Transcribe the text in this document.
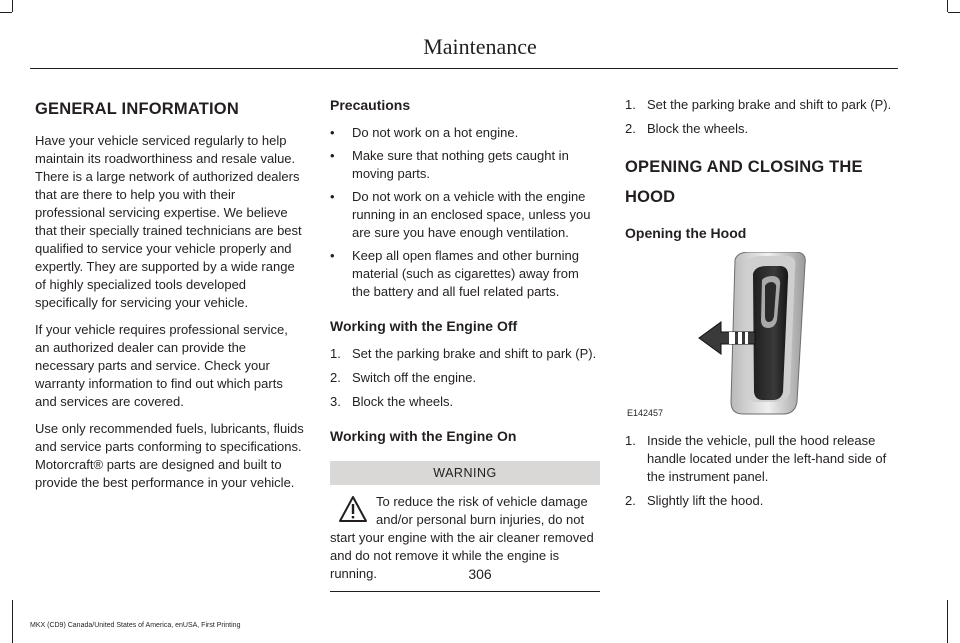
Maintenance
GENERAL INFORMATION

Have your vehicle serviced regularly to help maintain its roadworthiness and resale value. There is a large network of authorized dealers that are there to help you with their professional servicing expertise. We believe that their specially trained technicians are best qualified to service your vehicle properly and expertly. They are supported by a wide range of highly specialized tools developed specifically for servicing your vehicle.

If your vehicle requires professional service, an authorized dealer can provide the necessary parts and service. Check your warranty information to find out which parts and services are covered.

Use only recommended fuels, lubricants, fluids and service parts conforming to specifications. Motorcraft® parts are designed and built to provide the best performance in your vehicle.

Precautions
• Do not work on a hot engine.
• Make sure that nothing gets caught in moving parts.
• Do not work on a vehicle with the engine running in an enclosed space, unless you are sure you have enough ventilation.
• Keep all open flames and other burning material (such as cigarettes) away from the battery and all fuel related parts.
Working with the Engine Off
1. Set the parking brake and shift to park (P).
2. Switch off the engine.
3. Block the wheels.
Working with the Engine On
WARNING
To reduce the risk of vehicle damage and/or personal burn injuries, do not start your engine with the air cleaner removed and do not remove it while the engine is running.
1. Set the parking brake and shift to park (P).
2. Block the wheels.
OPENING AND CLOSING THE
HOOD
Opening the Hood
E142457
1. Inside the vehicle, pull the hood release handle located under the left-hand side of the instrument panel.
2. Slightly lift the hood.
306
MKX (CD9) Canada/United States of America, enUSA, First Printing
